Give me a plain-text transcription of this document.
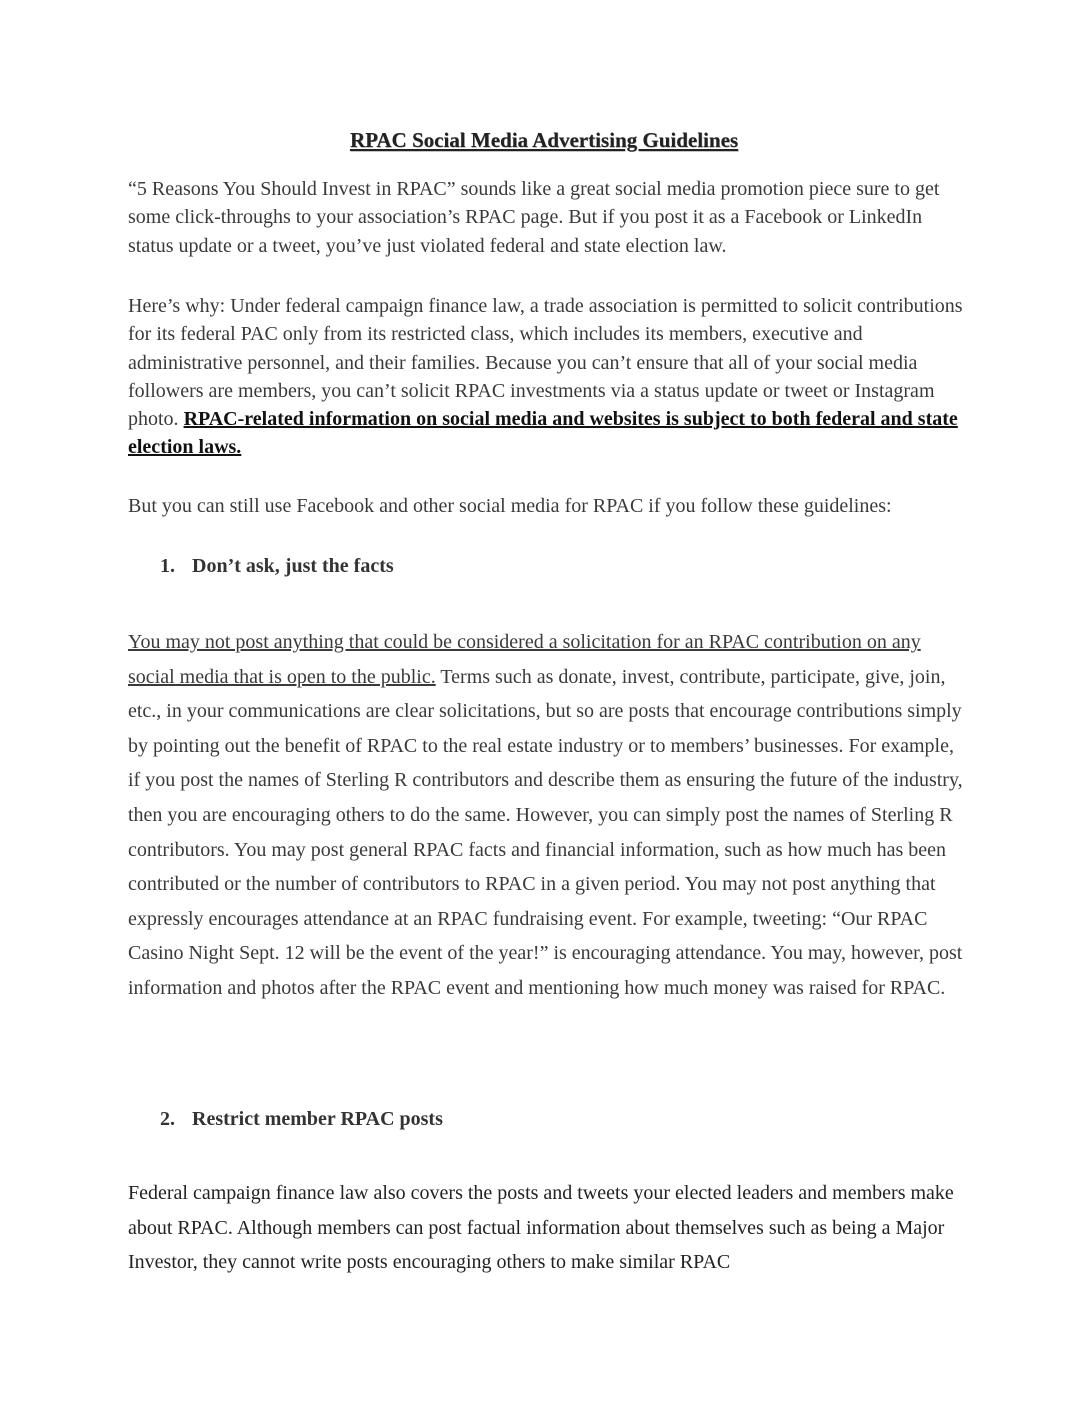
RPAC Social Media Advertising Guidelines

“5 Reasons You Should Invest in RPAC” sounds like a great social media promotion piece sure to get some click-throughs to your association’s RPAC page. But if you post it as a Facebook or LinkedIn status update or a tweet, you’ve just violated federal and state election law.

Here’s why: Under federal campaign finance law, a trade association is permitted to solicit contributions for its federal PAC only from its restricted class, which includes its members, executive and administrative personnel, and their families. Because you can’t ensure that all of your social media followers are members, you can’t solicit RPAC investments via a status update or tweet or Instagram photo. RPAC-related information on social media and websites is subject to both federal and state election laws.

But you can still use Facebook and other social media for RPAC if you follow these guidelines:

1. Don’t ask, just the facts

You may not post anything that could be considered a solicitation for an RPAC contribution on any social media that is open to the public. Terms such as donate, invest, contribute, participate, give, join, etc., in your communications are clear solicitations, but so are posts that encourage contributions simply by pointing out the benefit of RPAC to the real estate industry or to members’ businesses. For example, if you post the names of Sterling R contributors and describe them as ensuring the future of the industry, then you are encouraging others to do the same. However, you can simply post the names of Sterling R contributors. You may post general RPAC facts and financial information, such as how much has been contributed or the number of contributors to RPAC in a given period. You may not post anything that expressly encourages attendance at an RPAC fundraising event. For example, tweeting: “Our RPAC Casino Night Sept. 12 will be the event of the year!” is encouraging attendance. You may, however, post information and photos after the RPAC event and mentioning how much money was raised for RPAC.

2. Restrict member RPAC posts

Federal campaign finance law also covers the posts and tweets your elected leaders and members make about RPAC. Although members can post factual information about themselves such as being a Major Investor, they cannot write posts encouraging others to make similar RPAC
